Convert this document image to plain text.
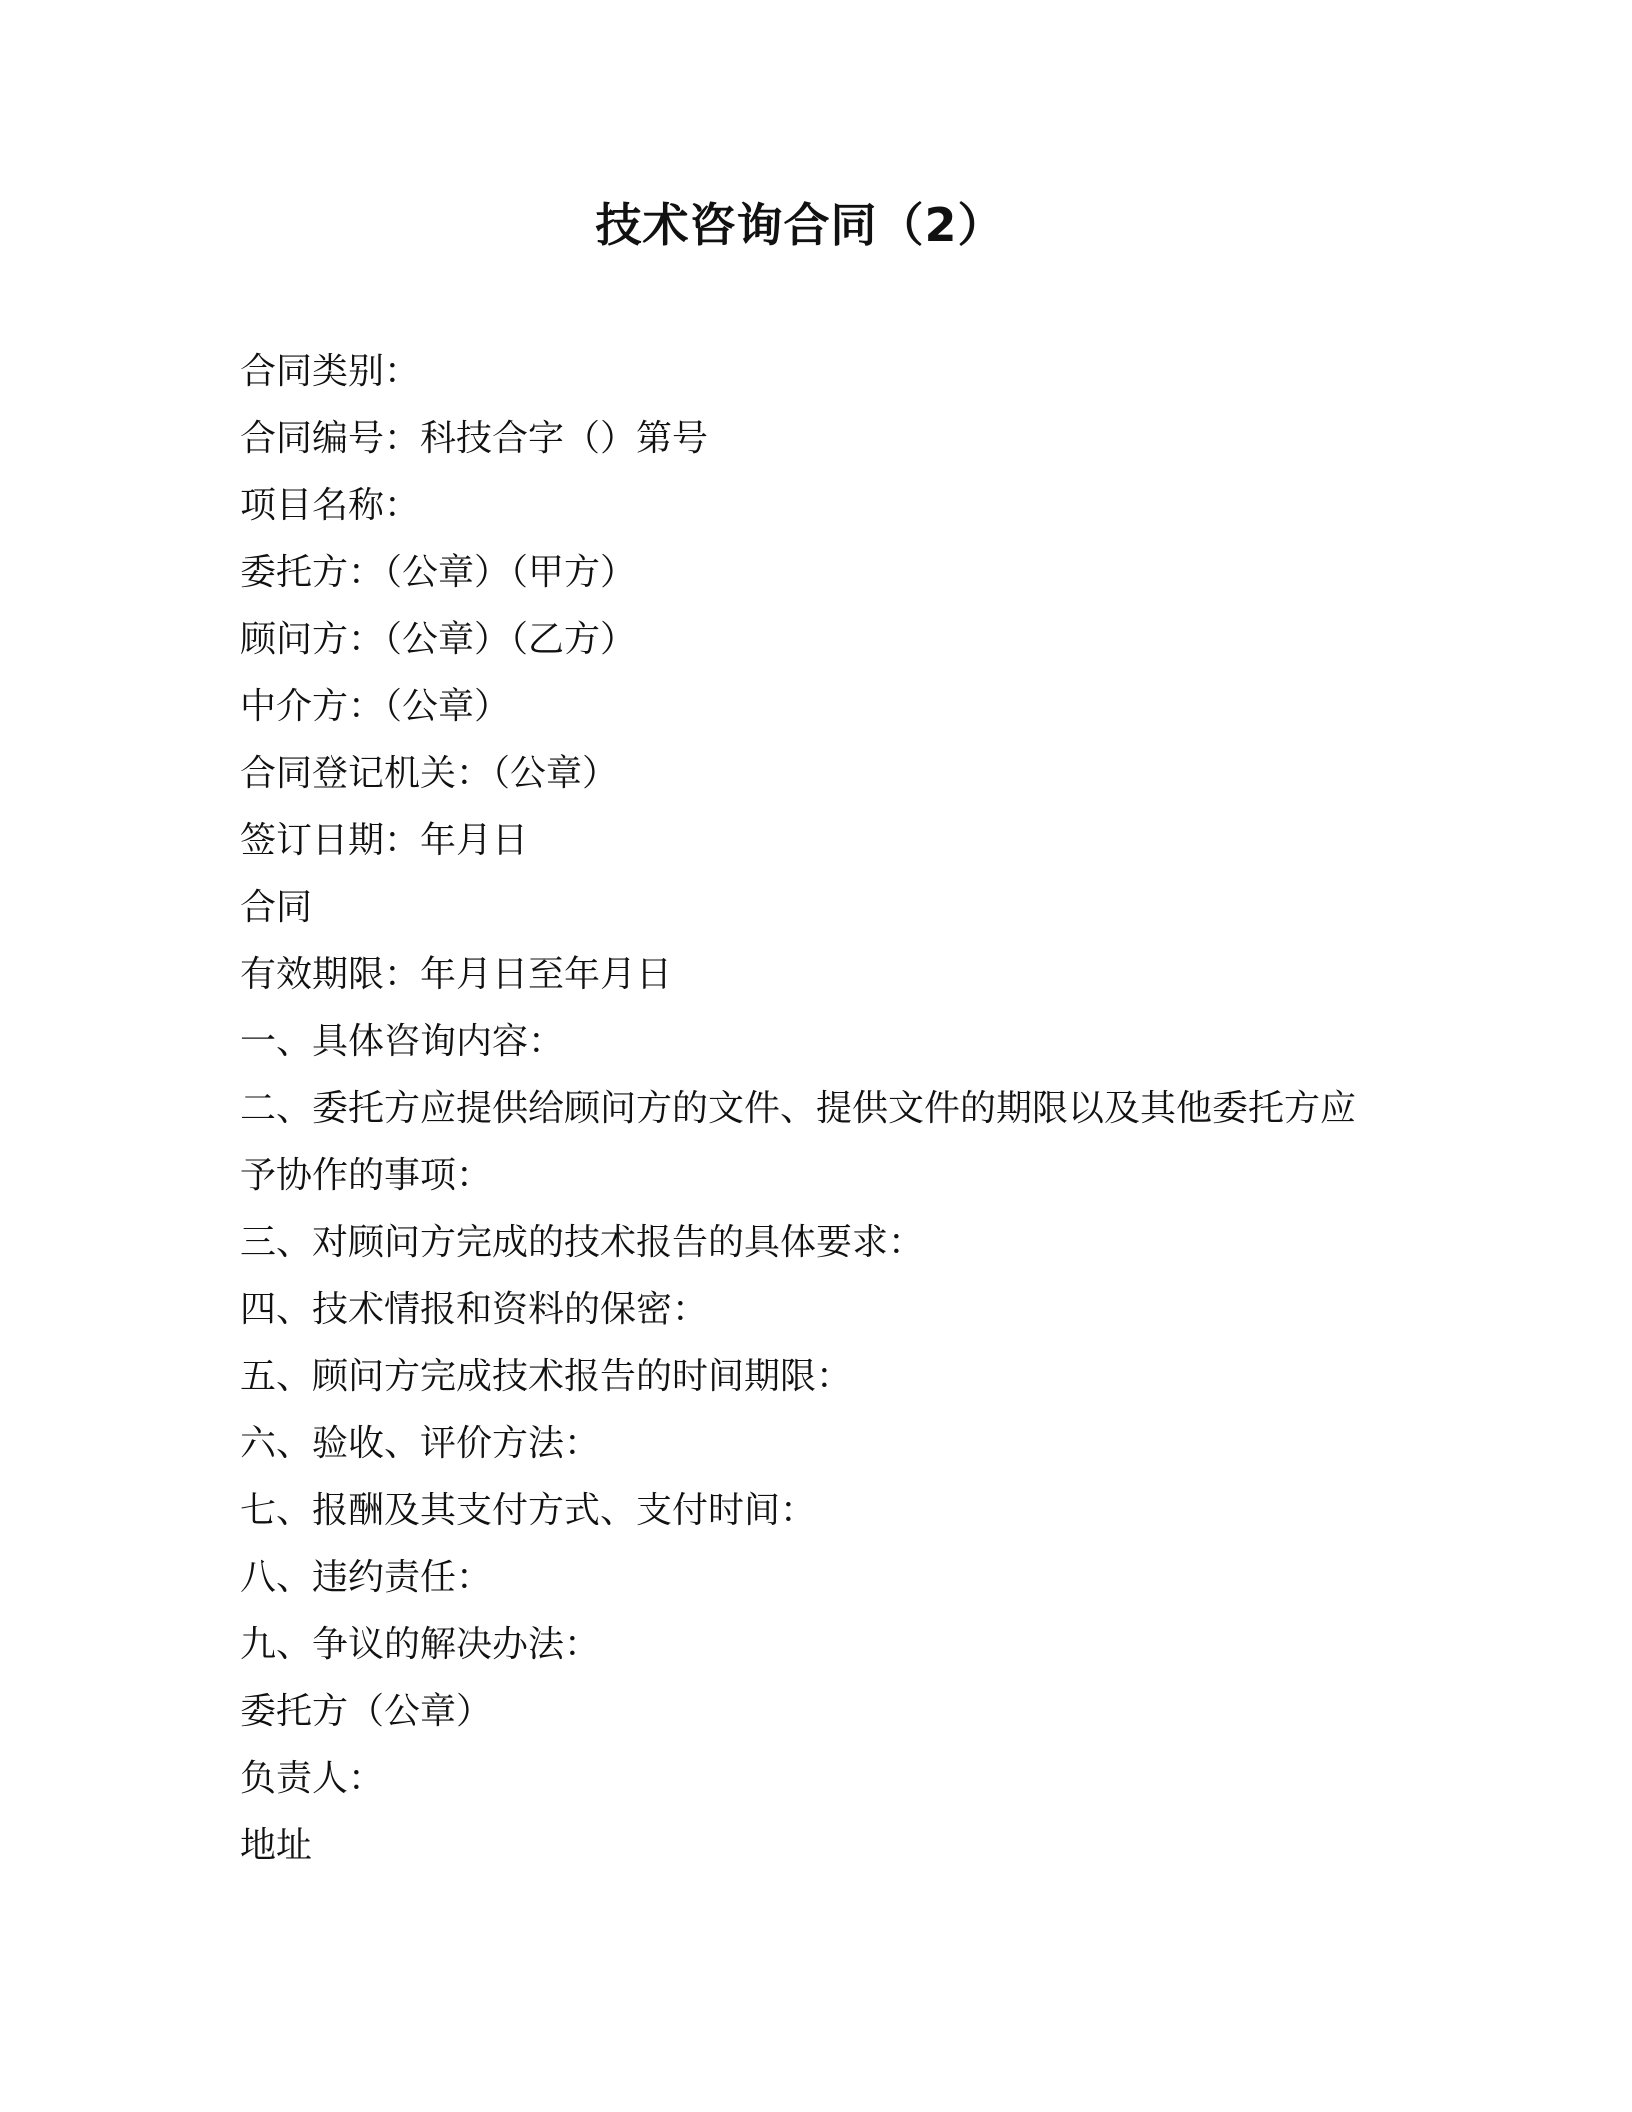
技术咨询合同（2）
合同类别：
合同编号：科技合字（）第号
项目名称：
委托方：（公章）（甲方）
顾问方：（公章）（乙方）
中介方：（公章）
合同登记机关：（公章）
签订日期：年月日
合同
有效期限：年月日至年月日
一、具体咨询内容：
二、委托方应提供给顾问方的文件、提供文件的期限以及其他委托方应
予协作的事项：
三、对顾问方完成的技术报告的具体要求：
四、技术情报和资料的保密：
五、顾问方完成技术报告的时间期限：
六、验收、评价方法：
七、报酬及其支付方式、支付时间：
八、违约责任：
九、争议的解决办法：
委托方（公章）
负责人：
地址
